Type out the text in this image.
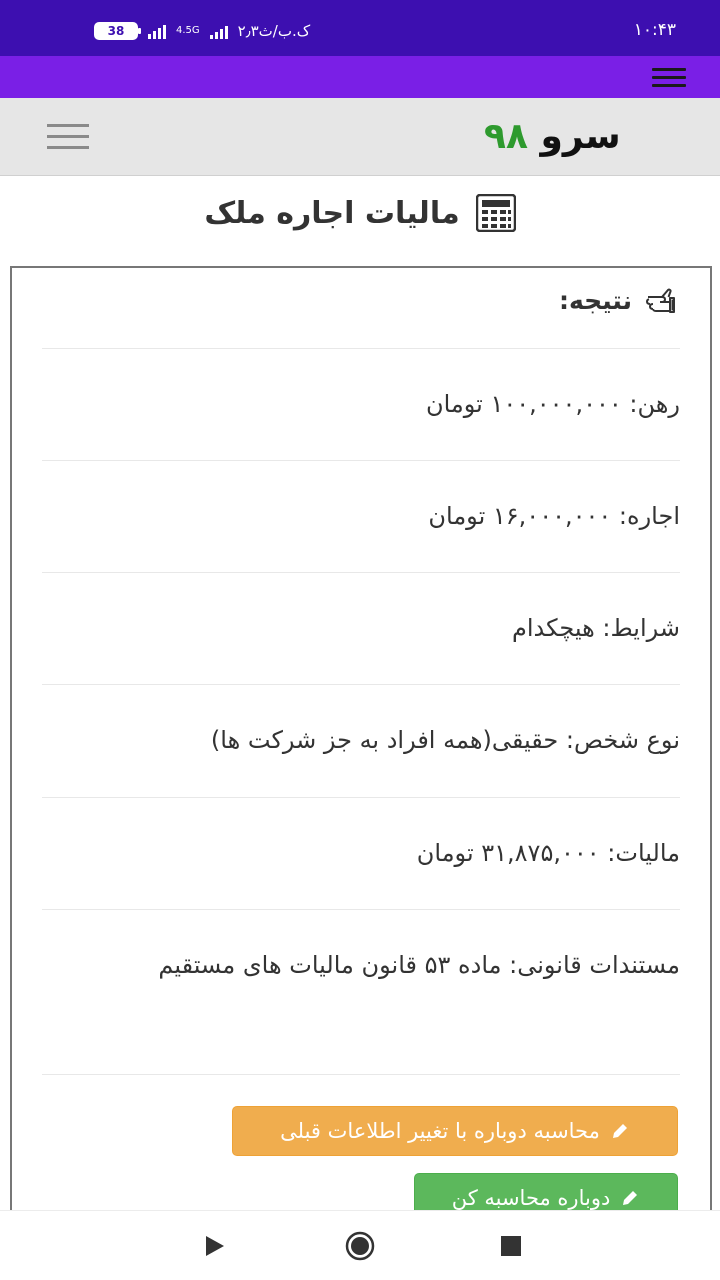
38	4.5G	۲٫۳ک.ب/ث	۱۰:۴۳
سرو ۹۸
مالیات اجاره ملک
نتیجه:
رهن: ۱۰۰,۰۰۰,۰۰۰ تومان
اجاره: ۱۶,۰۰۰,۰۰۰ تومان
شرایط: هیچکدام
نوع شخص: حقیقی(همه افراد به جز شرکت ها)
مالیات: ۳۱,۸۷۵,۰۰۰ تومان
مستندات قانونی: ماده ۵۳ قانون مالیات های مستقیم
محاسبه دوباره با تغییر اطلاعات قبلی
دوباره محاسبه کن
